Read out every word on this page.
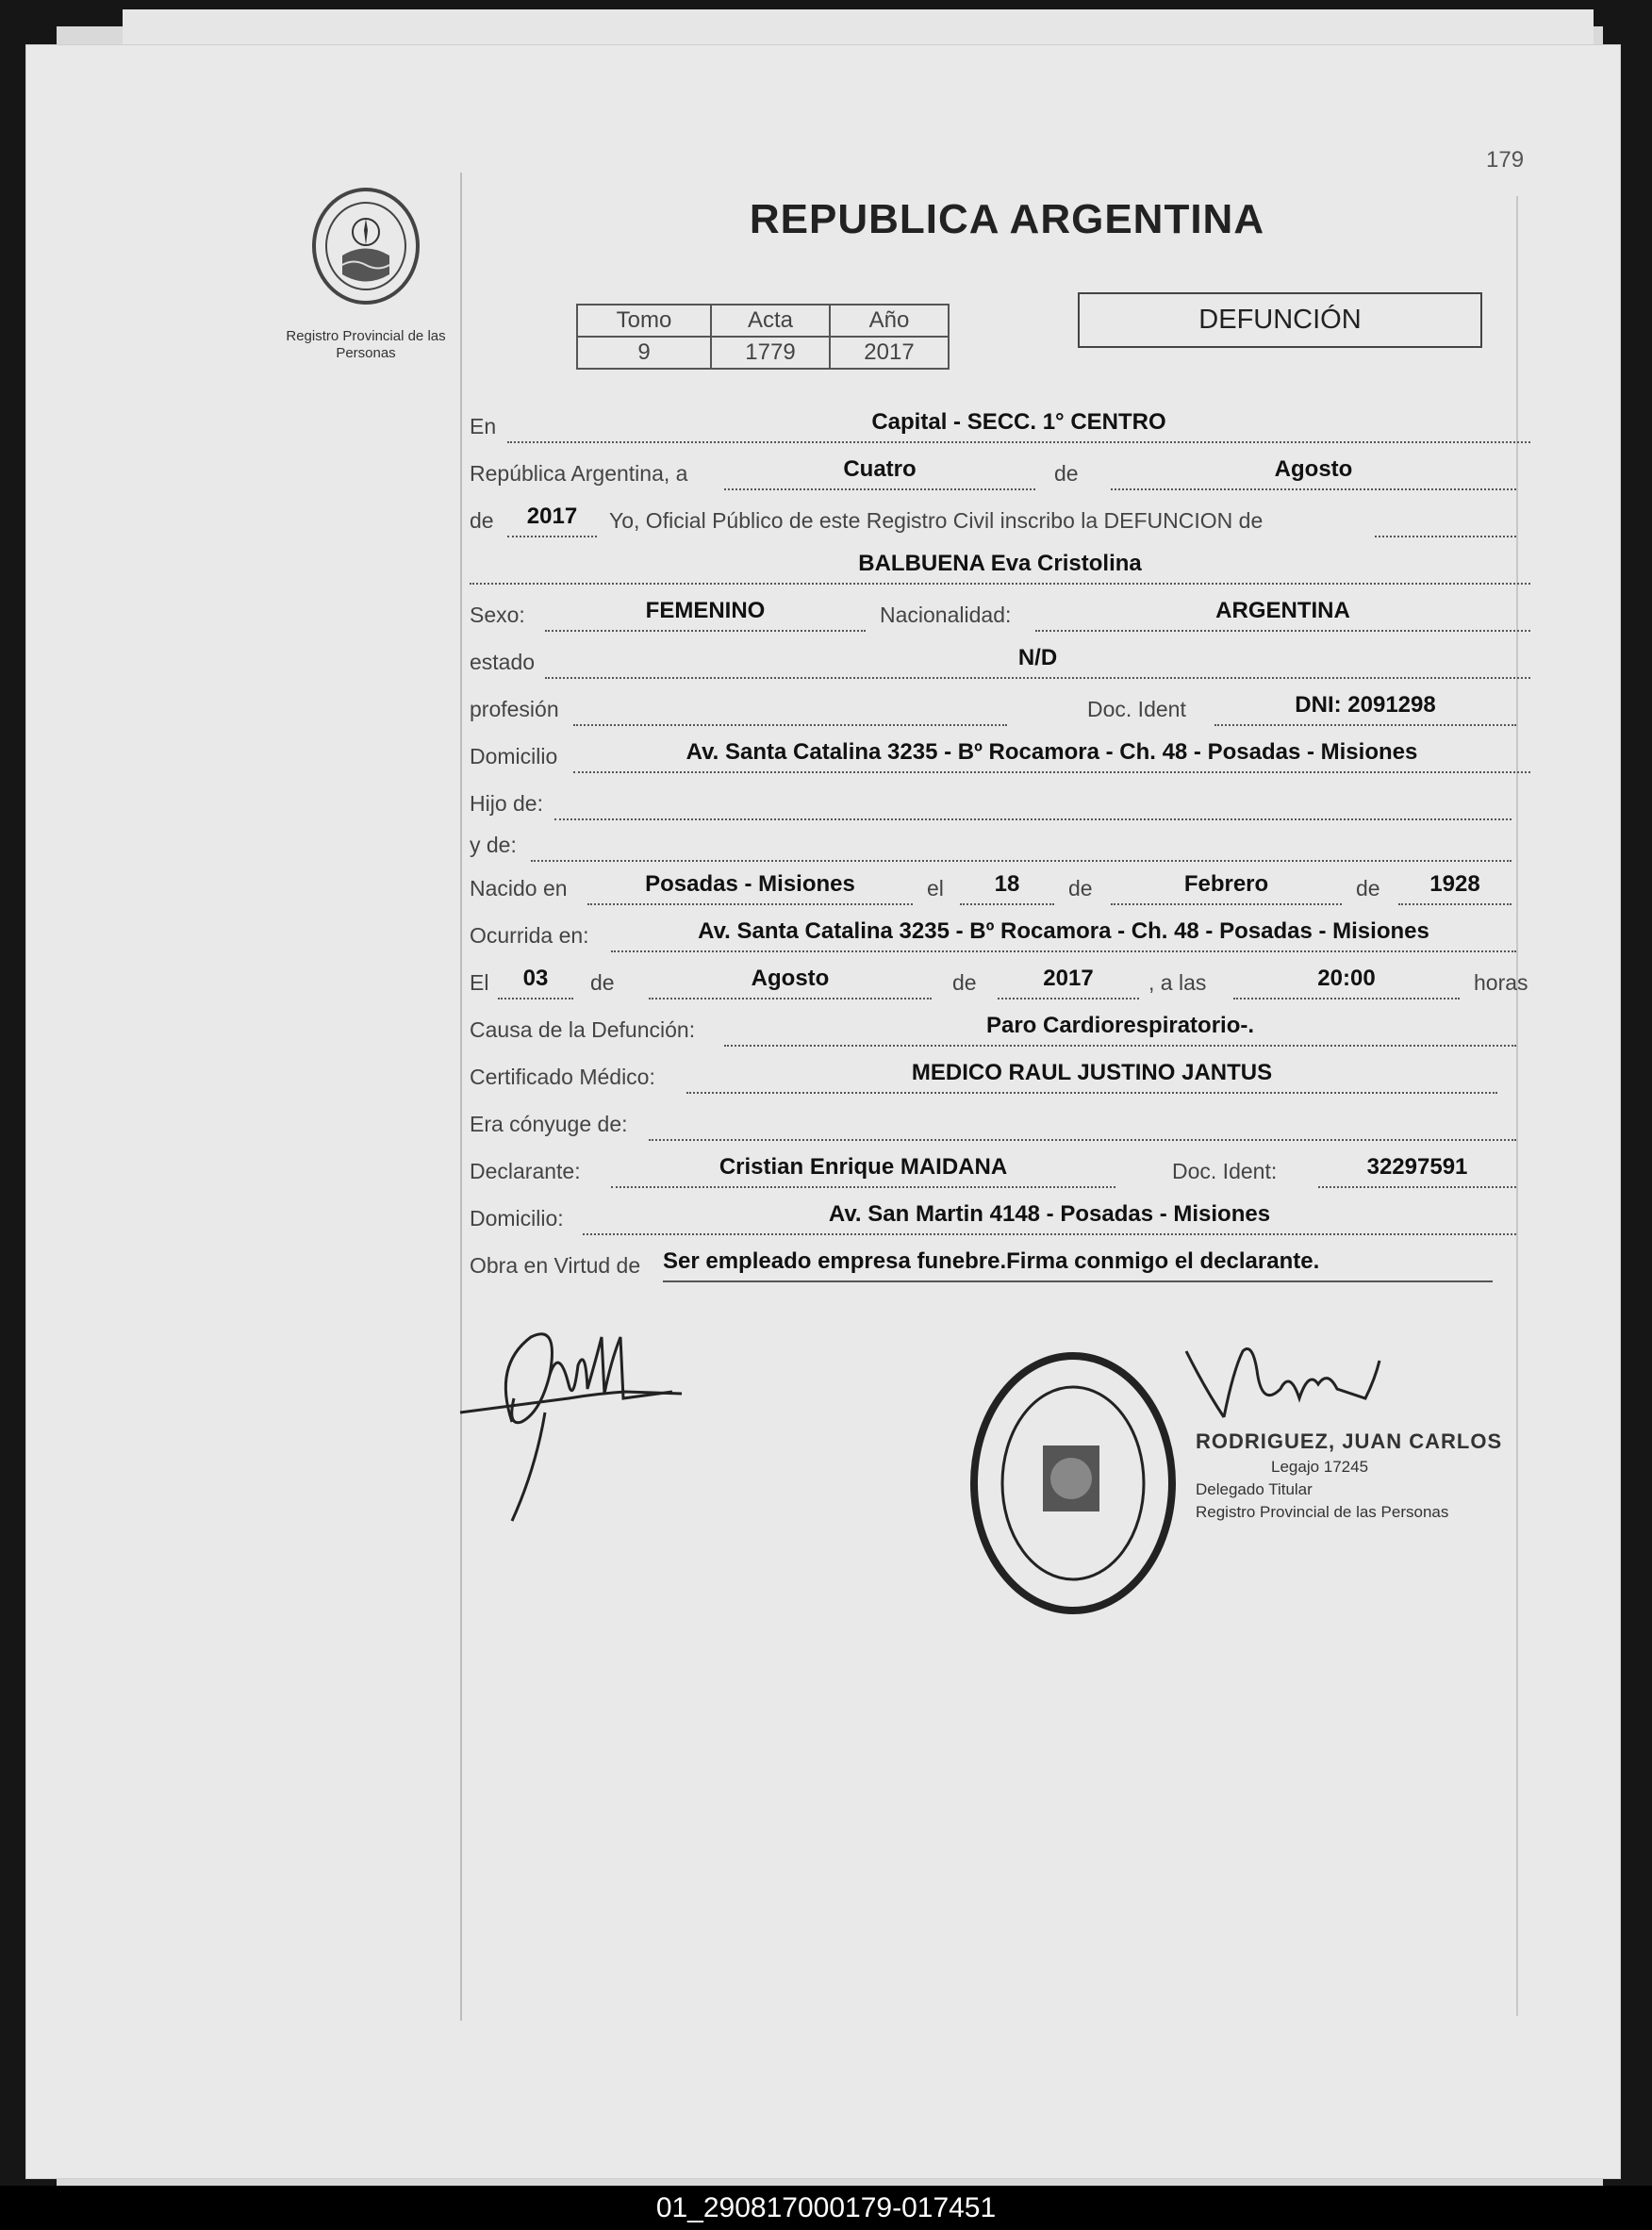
179
Registro Provincial de las Personas
REPUBLICA ARGENTINA
Tomo	Acta	Año
9	1779	2017
DEFUNCIÓN
En	Capital - SECC. 1° CENTRO
República Argentina, a	Cuatro	de	Agosto
de	2017	Yo, Oficial Público de este Registro Civil inscribo la DEFUNCION de
BALBUENA Eva Cristolina
Sexo:	FEMENINO	Nacionalidad:	ARGENTINA
estado	N/D
profesión	Doc. Ident	DNI: 2091298
Domicilio	Av. Santa Catalina 3235 - Bº Rocamora - Ch. 48 - Posadas - Misiones
Hijo de:
y de:
Nacido en	Posadas - Misiones	el	18	de	Febrero	de	1928
Ocurrida en:	Av. Santa Catalina 3235 - Bº Rocamora - Ch. 48 - Posadas - Misiones
El	03	de	Agosto	de	2017	, a las	20:00	horas
Causa de la Defunción:	Paro Cardiorespiratorio-.
Certificado Médico:	MEDICO RAUL JUSTINO JANTUS
Era cónyuge de:
Declarante:	Cristian Enrique MAIDANA	Doc. Ident:	32297591
Domicilio:	Av. San Martin 4148 - Posadas - Misiones
Obra en Virtud de Ser empleado empresa funebre.Firma conmigo el declarante.

RODRIGUEZ, JUAN CARLOS
Legajo 17245
Delegado Titular
Registro Provincial de las Personas
01_290817000179-017451
